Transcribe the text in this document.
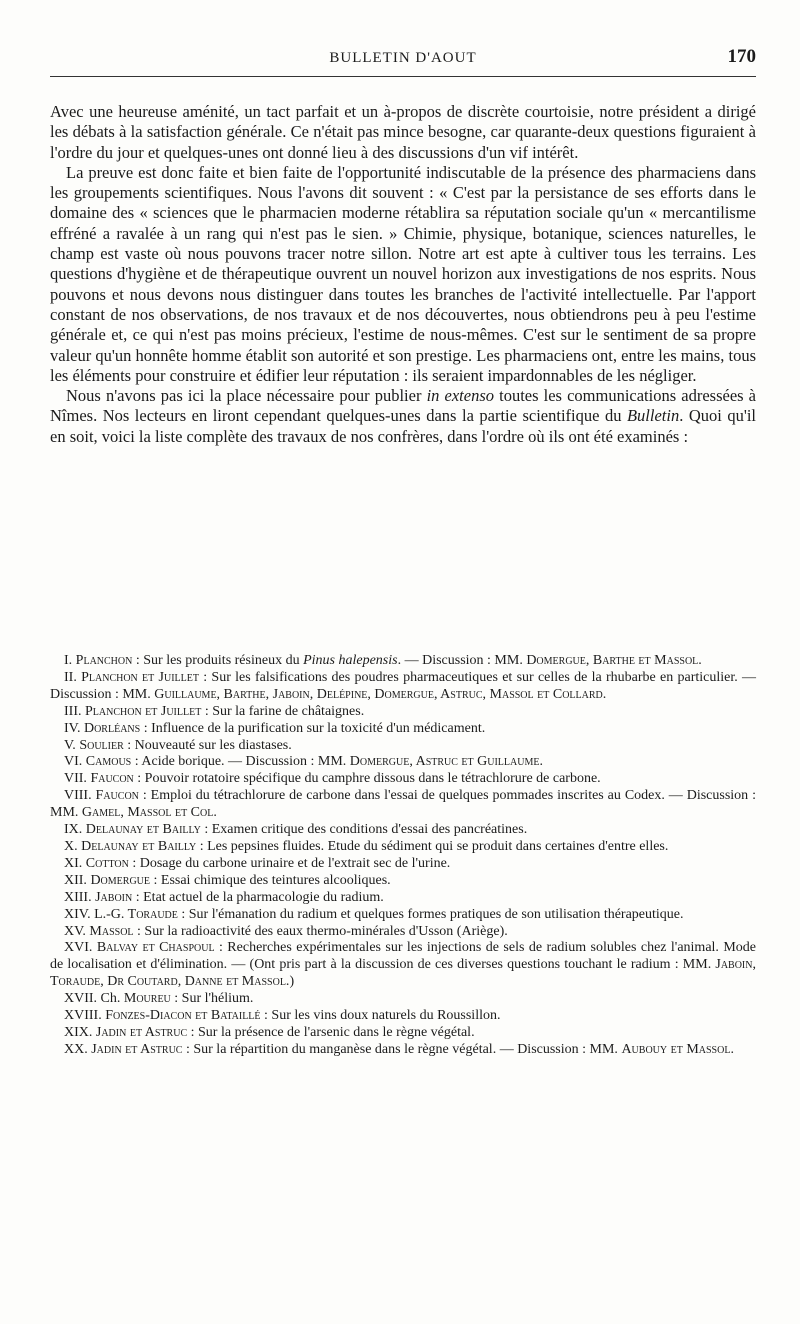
BULLETIN D'AOUT	170

Avec une heureuse aménité, un tact parfait et un à-propos de discrète courtoisie, notre président a dirigé les débats à la satisfaction générale. Ce n'était pas mince besogne, car quarante-deux questions figuraient à l'ordre du jour et quelques-unes ont donné lieu à des discussions d'un vif intérêt.

La preuve est donc faite et bien faite de l'opportunité indiscutable de la présence des pharmaciens dans les groupements scientifiques. Nous l'avons dit souvent : « C'est par la persistance de ses efforts dans le domaine des « sciences que le pharmacien moderne rétablira sa réputation sociale qu'un « mercantilisme effréné a ravalée à un rang qui n'est pas le sien. » Chimie, physique, botanique, sciences naturelles, le champ est vaste où nous pouvons tracer notre sillon. Notre art est apte à cultiver tous les terrains. Les questions d'hygiène et de thérapeutique ouvrent un nouvel horizon aux investigations de nos esprits. Nous pouvons et nous devons nous distinguer dans toutes les branches de l'activité intellectuelle. Par l'apport constant de nos observations, de nos travaux et de nos découvertes, nous obtiendrons peu à peu l'estime générale et, ce qui n'est pas moins précieux, l'estime de nous-mêmes. C'est sur le sentiment de sa propre valeur qu'un honnête homme établit son autorité et son prestige. Les pharmaciens ont, entre les mains, tous les éléments pour construire et édifier leur réputation : ils seraient impardonnables de les négliger.

Nous n'avons pas ici la place nécessaire pour publier in extenso toutes les communications adressées à Nîmes. Nos lecteurs en liront cependant quelques-unes dans la partie scientifique du Bulletin. Quoi qu'il en soit, voici la liste complète des travaux de nos confrères, dans l'ordre où ils ont été examinés :

I. Planchon : Sur les produits résineux du Pinus halepensis. — Discussion : MM. Domergue, Barthe et Massol.

II. Planchon et Juillet : Sur les falsifications des poudres pharmaceutiques et sur celles de la rhubarbe en particulier. — Discussion : MM. Guillaume, Barthe, Jaboin, Delépine, Domergue, Astruc, Massol et Collard.

III. Planchon et Juillet : Sur la farine de châtaignes.

IV. Dorléans : Influence de la purification sur la toxicité d'un médicament.

V. Soulier : Nouveauté sur les diastases.

VI. Camous : Acide borique. — Discussion : MM. Domergue, Astruc et Guillaume.

VII. Faucon : Pouvoir rotatoire spécifique du camphre dissous dans le tétrachlorure de carbone.

VIII. Faucon : Emploi du tétrachlorure de carbone dans l'essai de quelques pommades inscrites au Codex. — Discussion : MM. Gamel, Massol et Col.

IX. Delaunay et Bailly : Examen critique des conditions d'essai des pancréatines.

X. Delaunay et Bailly : Les pepsines fluides. Etude du sédiment qui se produit dans certaines d'entre elles.

XI. Cotton : Dosage du carbone urinaire et de l'extrait sec de l'urine.

XII. Domergue : Essai chimique des teintures alcooliques.

XIII. Jaboin : Etat actuel de la pharmacologie du radium.

XIV. L.-G. Toraude : Sur l'émanation du radium et quelques formes pratiques de son utilisation thérapeutique.

XV. Massol : Sur la radioactivité des eaux thermo-minérales d'Usson (Ariège).

XVI. Balvay et Chaspoul : Recherches expérimentales sur les injections de sels de radium solubles chez l'animal. Mode de localisation et d'élimination. — (Ont pris part à la discussion de ces diverses questions touchant le radium : MM. Jaboin, Toraude, Dr Coutard, Danne et Massol.)

XVII. Ch. Moureu : Sur l'hélium.

XVIII. Fonzes-Diacon et Bataillé : Sur les vins doux naturels du Roussillon.

XIX. Jadin et Astruc : Sur la présence de l'arsenic dans le règne végétal.

XX. Jadin et Astruc : Sur la répartition du manganèse dans le règne végétal. — Discussion : MM. Aubouy et Massol.
